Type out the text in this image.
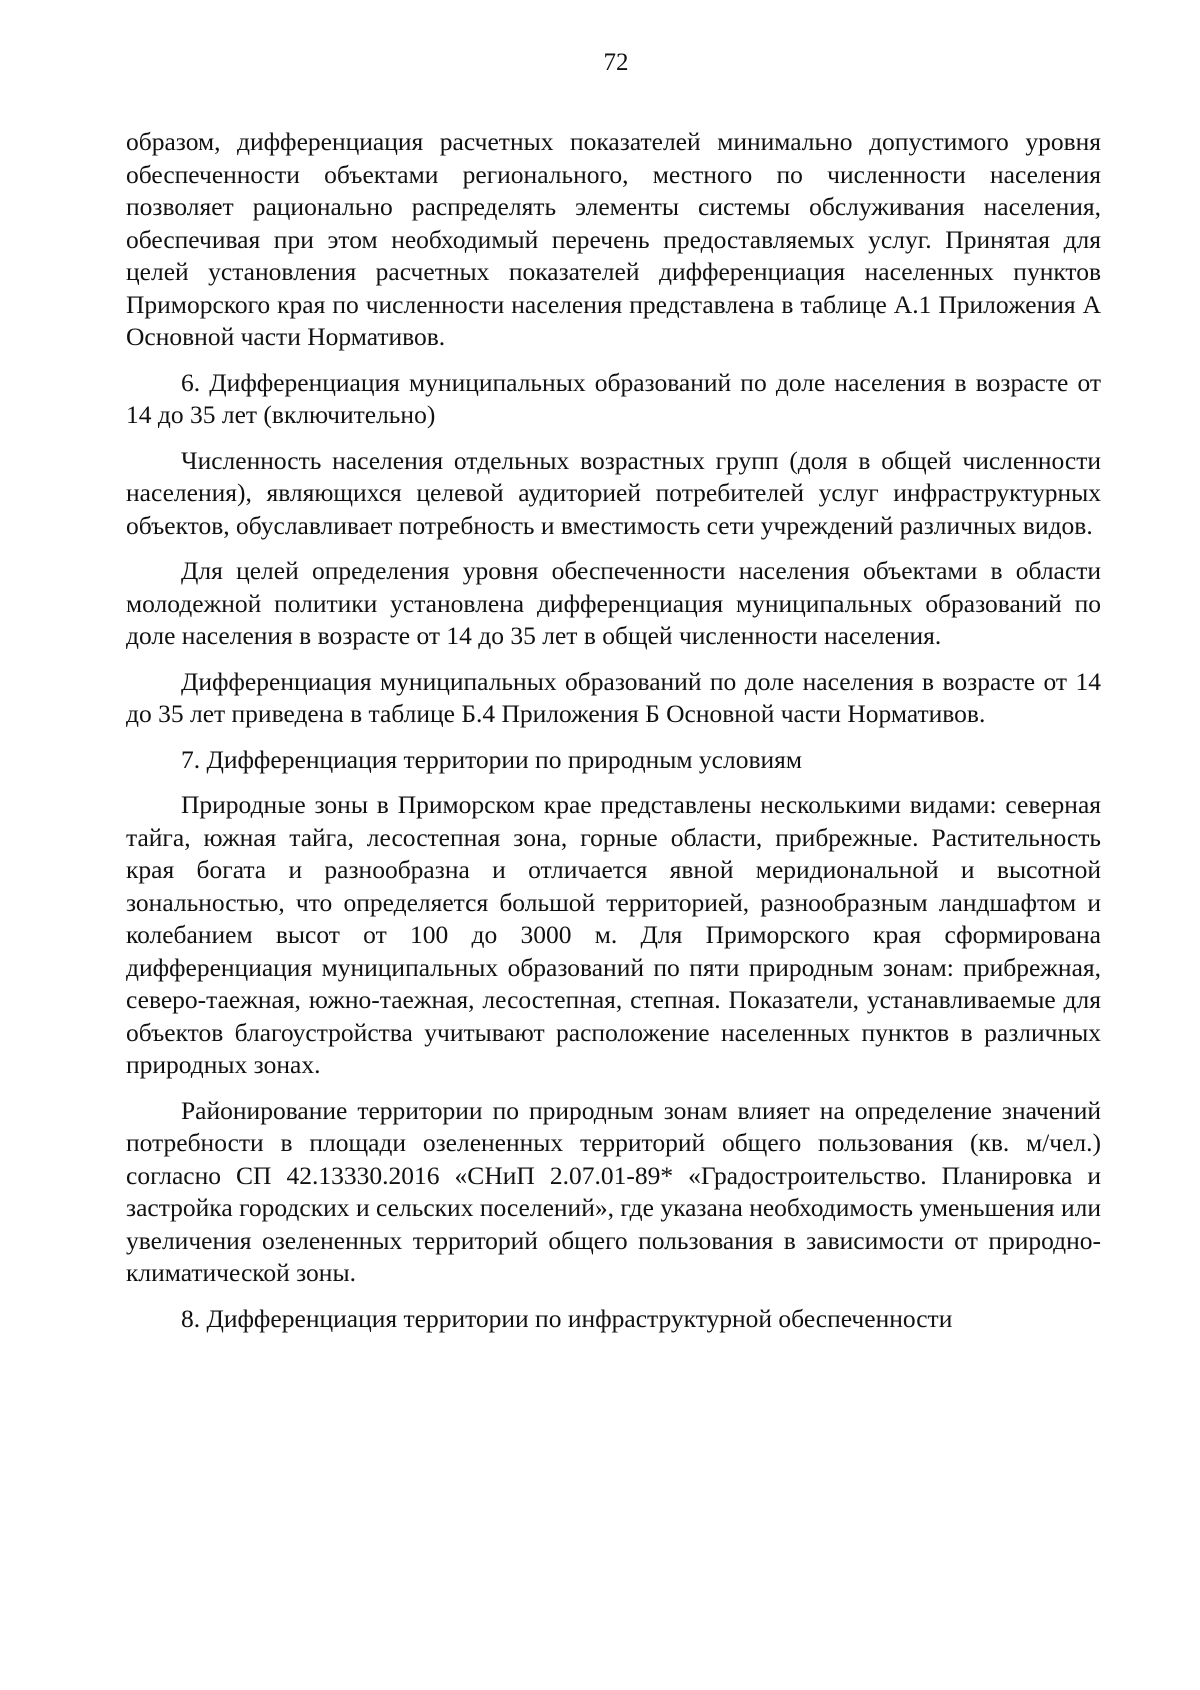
72

образом, дифференциация расчетных показателей минимально допустимого уровня обеспеченности объектами регионального, местного по численности населения позволяет рационально распределять элементы системы обслуживания населения, обеспечивая при этом необходимый перечень предоставляемых услуг. Принятая для целей установления расчетных показателей дифференциация населенных пунктов Приморского края по численности населения представлена в таблице А.1 Приложения А Основной части Нормативов.

6. Дифференциация муниципальных образований по доле населения в возрасте от 14 до 35 лет (включительно)

Численность населения отдельных возрастных групп (доля в общей численности населения), являющихся целевой аудиторией потребителей услуг инфраструктурных объектов, обуславливает потребность и вместимость сети учреждений различных видов.

Для целей определения уровня обеспеченности населения объектами в области молодежной политики установлена дифференциация муниципальных образований по доле населения в возрасте от 14 до 35 лет в общей численности населения.

Дифференциация муниципальных образований по доле населения в возрасте от 14 до 35 лет приведена в таблице Б.4 Приложения Б Основной части Нормативов.

7. Дифференциация территории по природным условиям

Природные зоны в Приморском крае представлены несколькими видами: северная тайга, южная тайга, лесостепная зона, горные области, прибрежные. Растительность края богата и разнообразна и отличается явной меридиональной и высотной зональностью, что определяется большой территорией, разнообразным ландшафтом и колебанием высот от 100 до 3000 м. Для Приморского края сформирована дифференциация муниципальных образований по пяти природным зонам: прибрежная, северо-таежная, южно-таежная, лесостепная, степная. Показатели, устанавливаемые для объектов благоустройства учитывают расположение населенных пунктов в различных природных зонах.

Районирование территории по природным зонам влияет на определение значений потребности в площади озелененных территорий общего пользования (кв. м/чел.) согласно СП 42.13330.2016 «СНиП 2.07.01-89* «Градостроительство. Планировка и застройка городских и сельских поселений», где указана необходимость уменьшения или увеличения озелененных территорий общего пользования в зависимости от природно-климатической зоны.

8. Дифференциация территории по инфраструктурной обеспеченности
